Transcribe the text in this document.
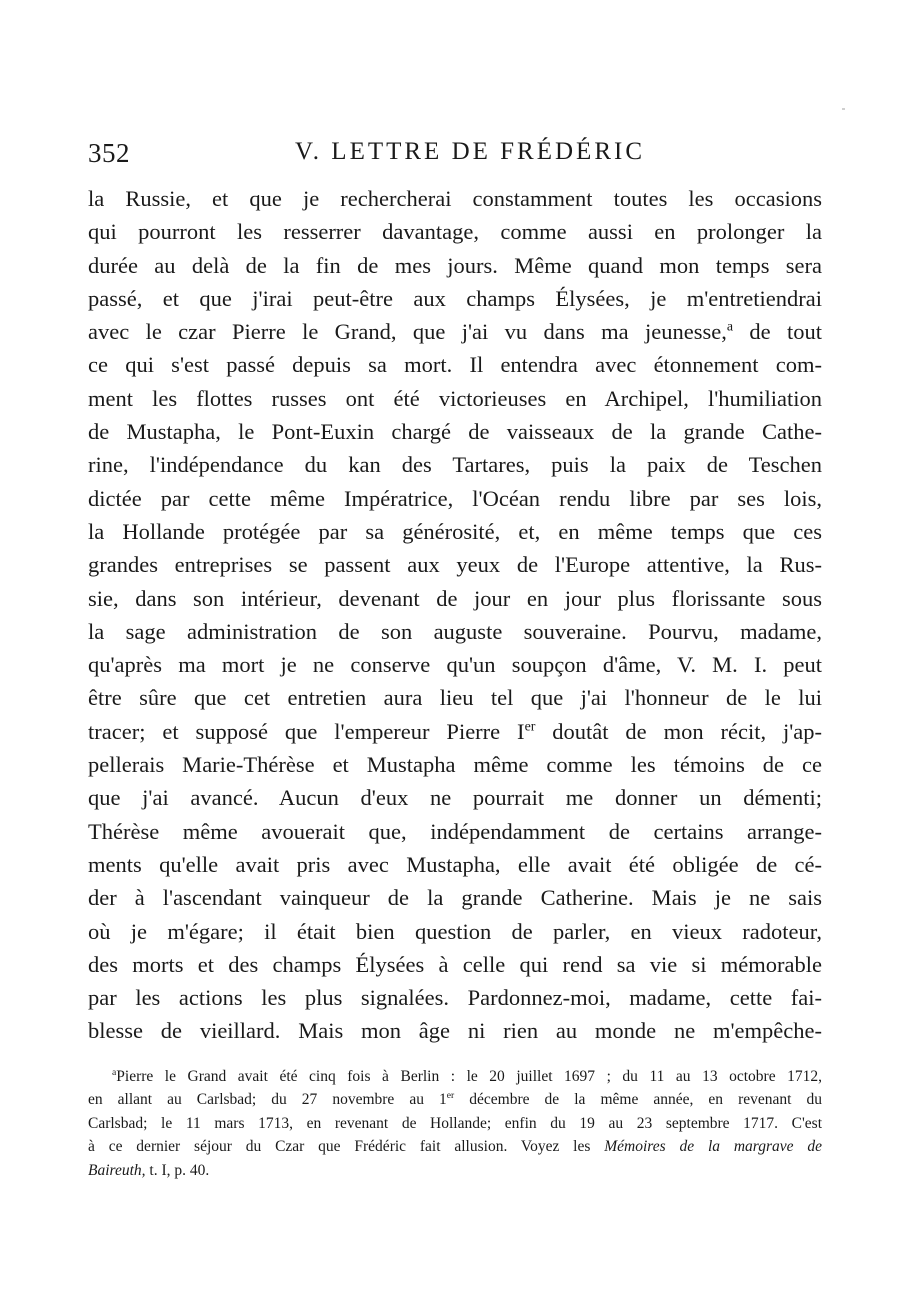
352	V. LETTRE DE FRÉDÉRIC
la Russie, et que je rechercherai constamment toutes les occasions
qui pourront les resserrer davantage, comme aussi en prolonger la
durée au delà de la fin de mes jours. Même quand mon temps sera
passé, et que j'irai peut-être aux champs Élysées, je m'entretiendrai
avec le czar Pierre le Grand, que j'ai vu dans ma jeunesse,$^a$ de tout
ce qui s'est passé depuis sa mort. Il entendra avec étonnement com-
ment les flottes russes ont été victorieuses en Archipel, l'humiliation
de Mustapha, le Pont-Euxin chargé de vaisseaux de la grande Cathe-
rine, l'indépendance du kan des Tartares, puis la paix de Teschen
dictée par cette même Impératrice, l'Océan rendu libre par ses lois,
la Hollande protégée par sa générosité, et, en même temps que ces
grandes entreprises se passent aux yeux de l'Europe attentive, la Rus-
sie, dans son intérieur, devenant de jour en jour plus florissante sous
la sage administration de son auguste souveraine. Pourvu, madame,
qu'après ma mort je ne conserve qu'un soupçon d'âme, V. M. I. peut
être sûre que cet entretien aura lieu tel que j'ai l'honneur de le lui
tracer; et supposé que l'empereur Pierre Ier doutât de mon récit, j'ap-
pellerais Marie-Thérèse et Mustapha même comme les témoins de ce
que j'ai avancé. Aucun d'eux ne pourrait me donner un démenti;
Thérèse même avouerait que, indépendamment de certains arrange-
ments qu'elle avait pris avec Mustapha, elle avait été obligée de cé-
der à l'ascendant vainqueur de la grande Catherine. Mais je ne sais
où je m'égare; il était bien question de parler, en vieux radoteur,
des morts et des champs Élysées à celle qui rend sa vie si mémorable
par les actions les plus signalées. Pardonnez-moi, madame, cette fai-
blesse de vieillard. Mais mon âge ni rien au monde ne m'empêche-
$^a$Pierre le Grand avait été cinq fois à Berlin : le 20 juillet 1697 ; du 11 au 13 octobre 1712,
en allant au Carlsbad; du 27 novembre au 1er décembre de la même année, en revenant du
Carlsbad; le 11 mars 1713, en revenant de Hollande; enfin du 19 au 23 septembre 1717. C'est
à ce dernier séjour du Czar que Frédéric fait allusion. Voyez les Mémoires de la margrave de
Baireuth, t. I, p. 40.
